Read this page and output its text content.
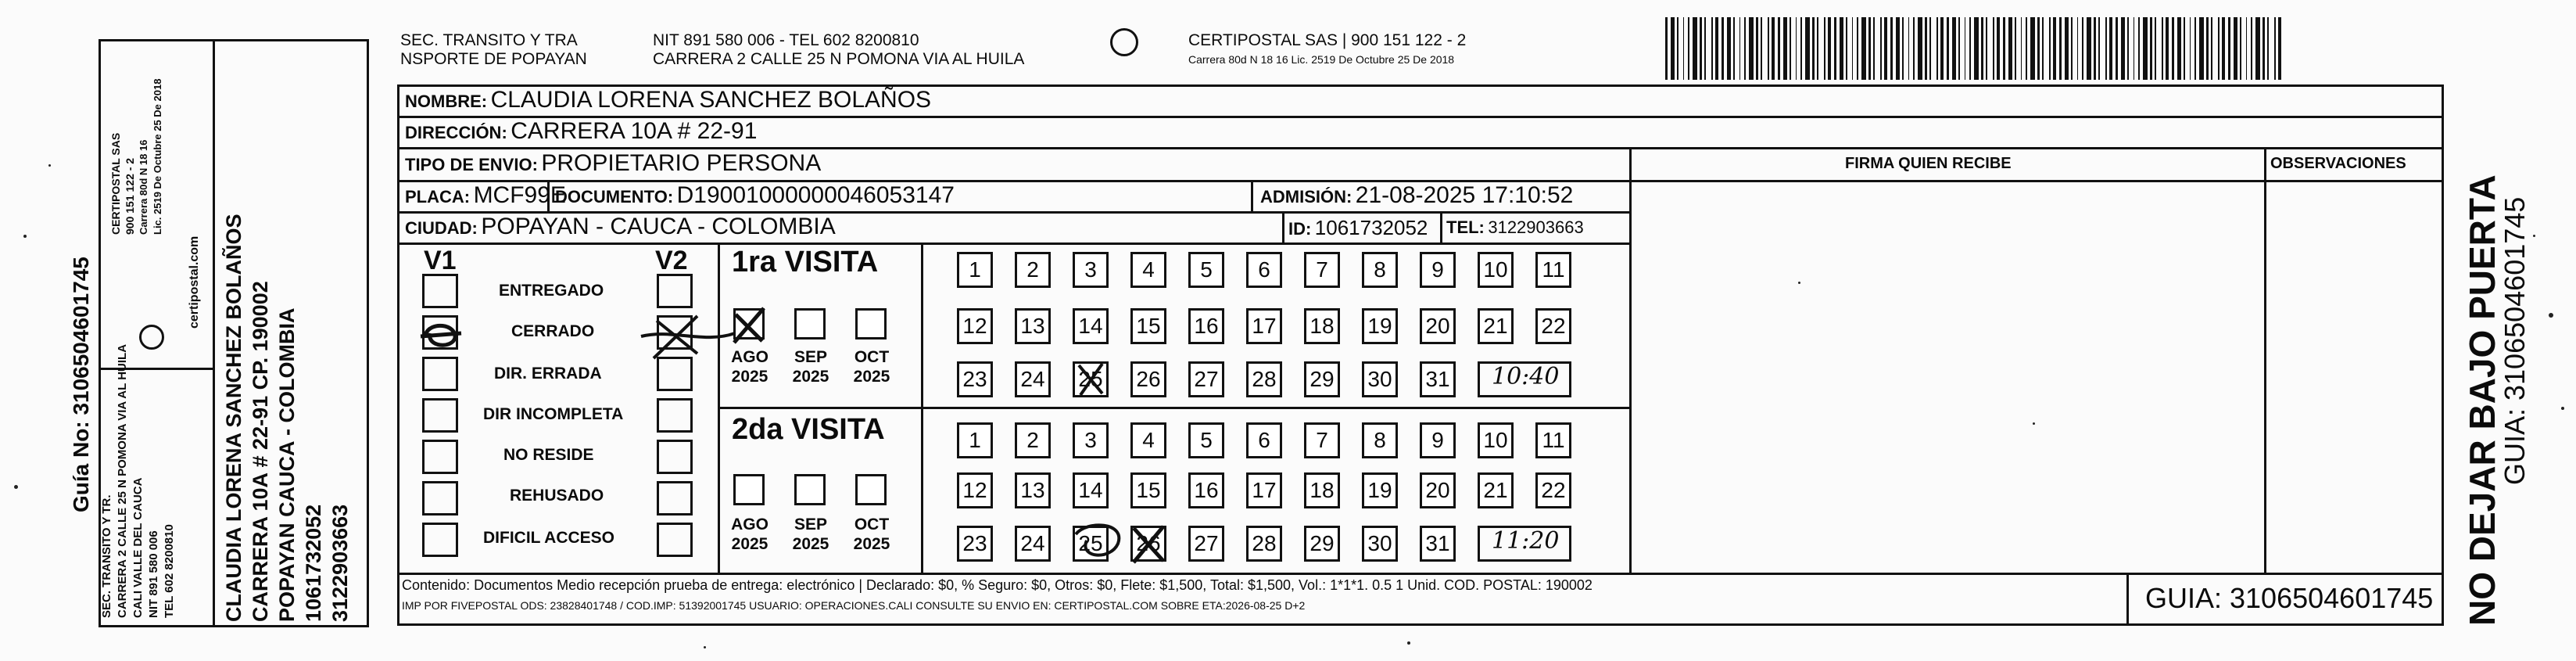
Guía No: 3106504601745
SEC. TRANSITO Y TR. CARRERA 2 CALLE 25 N POMONA VIA AL HUILA CALI VALLE DEL CAUCA NIT 891 580 006 TEL 602 8200810
CERTIPOSTAL SAS 900 151 122 - 2 Carrera 80d N 18 16 Lic. 2519 De Octubre 25 De 2018
certipostal.com CLAUDIA LORENA SANCHEZ BOLAÑOS CARRERA 10A # 22-91 CP. 190002 POPAYAN CAUCA - COLOMBIA 1061732052 3122903663
SEC. TRANSITO Y TRA
NSPORTE DE POPAYAN
NIT 891 580 006 - TEL 602 8200810
CARRERA 2 CALLE 25 N POMONA VIA AL HUILA
CERTIPOSTAL SAS | 900 151 122 - 2
Carrera 80d N 18 16 Lic. 2519 De Octubre 25 De 2018
NOMBRE: CLAUDIA LORENA SANCHEZ BOLAÑOS
DIRECCIÓN: CARRERA 10A # 22-91
TIPO DE ENVIO: PROPIETARIO PERSONA	FIRMA QUIEN RECIBE	OBSERVACIONES
PLACA: MCF99E
DOCUMENTO: D19001000000046053147	ADMISIÓN: 21-08-2025 17:10:52
CIUDAD: POPAYAN - CAUCA - COLOMBIA	ID: 1061732052 TEL: 3122903663
V1	V2
ENTREGADO
CERRADO
DIR. ERRADA
DIR INCOMPLETA
NO RESIDE
REHUSADO
DIFICIL ACCESO
1ra VISITA
2da VISITA
AGO
2025
SEP
2025
OCT
2025
AGO
2025
SEP
2025
OCT
2025
1	2	3	4	5	6	7	8	9	10	11
12 13 14 15 16 17 18 19 20 21 22
23 24 25 26 27 28 29 30 31 10:40
1	2	3	4	5	6	7	8	9	10	11
12 13 14 15 16 17 18 19 20 21 22
23 24 25 26 27 28 29 30 31 11:20
Contenido: Documentos Medio recepción prueba de entrega: electrónico | Declarado: $0, % Seguro: $0, Otros: $0, Flete: $1,500, Total: $1,500, Vol.: 1*1*1. 0.5 1 Unid. COD. POSTAL: 190002
IMP POR FIVEPOSTAL ODS: 23828401748 / COD.IMP: 51392001745 USUARIO: OPERACIONES.CALI CONSULTE SU ENVIO EN: CERTIPOSTAL.COM SOBRE ETA:2026-08-25 D+2	GUIA: 3106504601745 NO DEJAR BAJO PUERTA
GUIA: 3106504601745
